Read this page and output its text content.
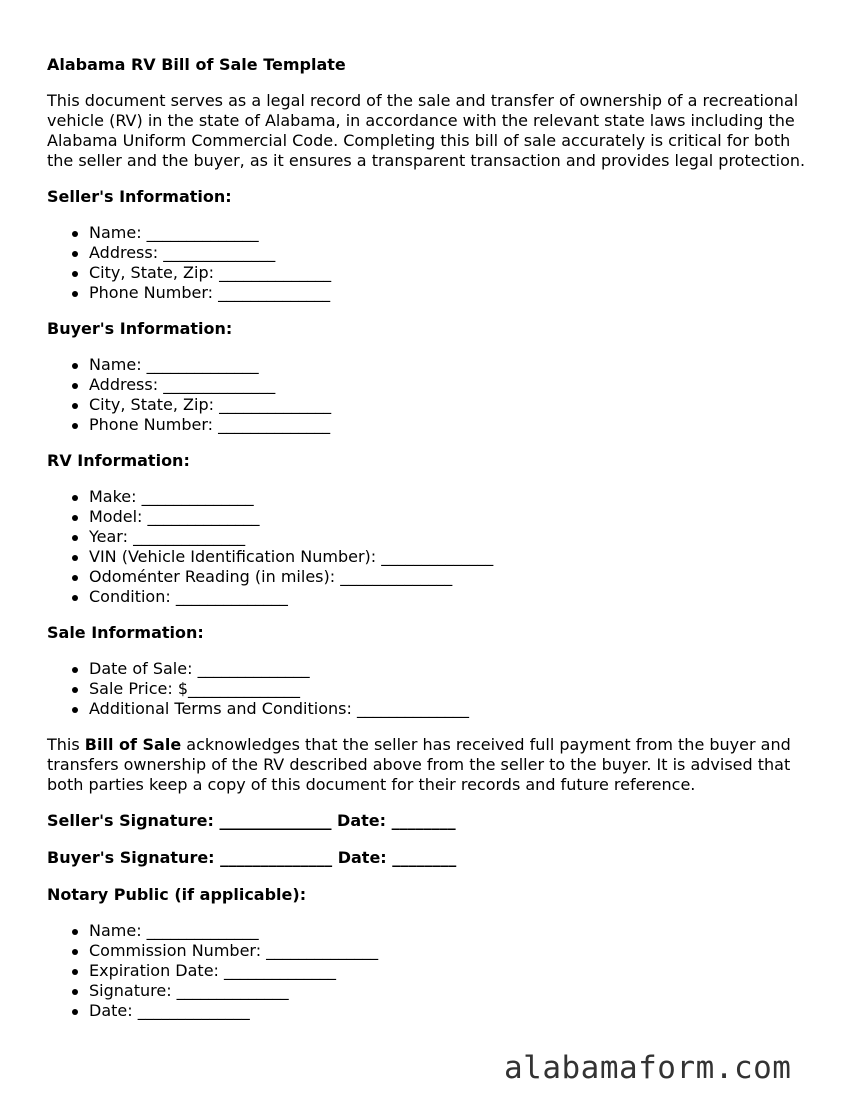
Alabama RV Bill of Sale Template

This document serves as a legal record of the sale and transfer of ownership of a recreational vehicle (RV) in the state of Alabama, in accordance with the relevant state laws including the Alabama Uniform Commercial Code. Completing this bill of sale accurately is critical for both the seller and the buyer, as it ensures a transparent transaction and provides legal protection.

Seller's Information:
Name: ______________
Address: ______________
City, State, Zip: ______________
Phone Number: ______________
Buyer's Information:
Name: ______________
Address: ______________
City, State, Zip: ______________
Phone Number: ______________
RV Information:
Make: ______________
Model: ______________
Year: ______________
VIN (Vehicle Identification Number): ______________
Odoménter Reading (in miles): ______________
Condition: ______________
Sale Information:
Date of Sale: ______________
Sale Price: $______________
Additional Terms and Conditions: ______________

This Bill of Sale acknowledges that the seller has received full payment from the buyer and transfers ownership of the RV described above from the seller to the buyer. It is advised that both parties keep a copy of this document for their records and future reference.

Seller's Signature: ______________ Date: ________
Buyer's Signature: ______________ Date: ________
Notary Public (if applicable):
Name: ______________
Commission Number: ______________
Expiration Date: ______________
Signature: ______________
Date: ______________
alabamaform.com
